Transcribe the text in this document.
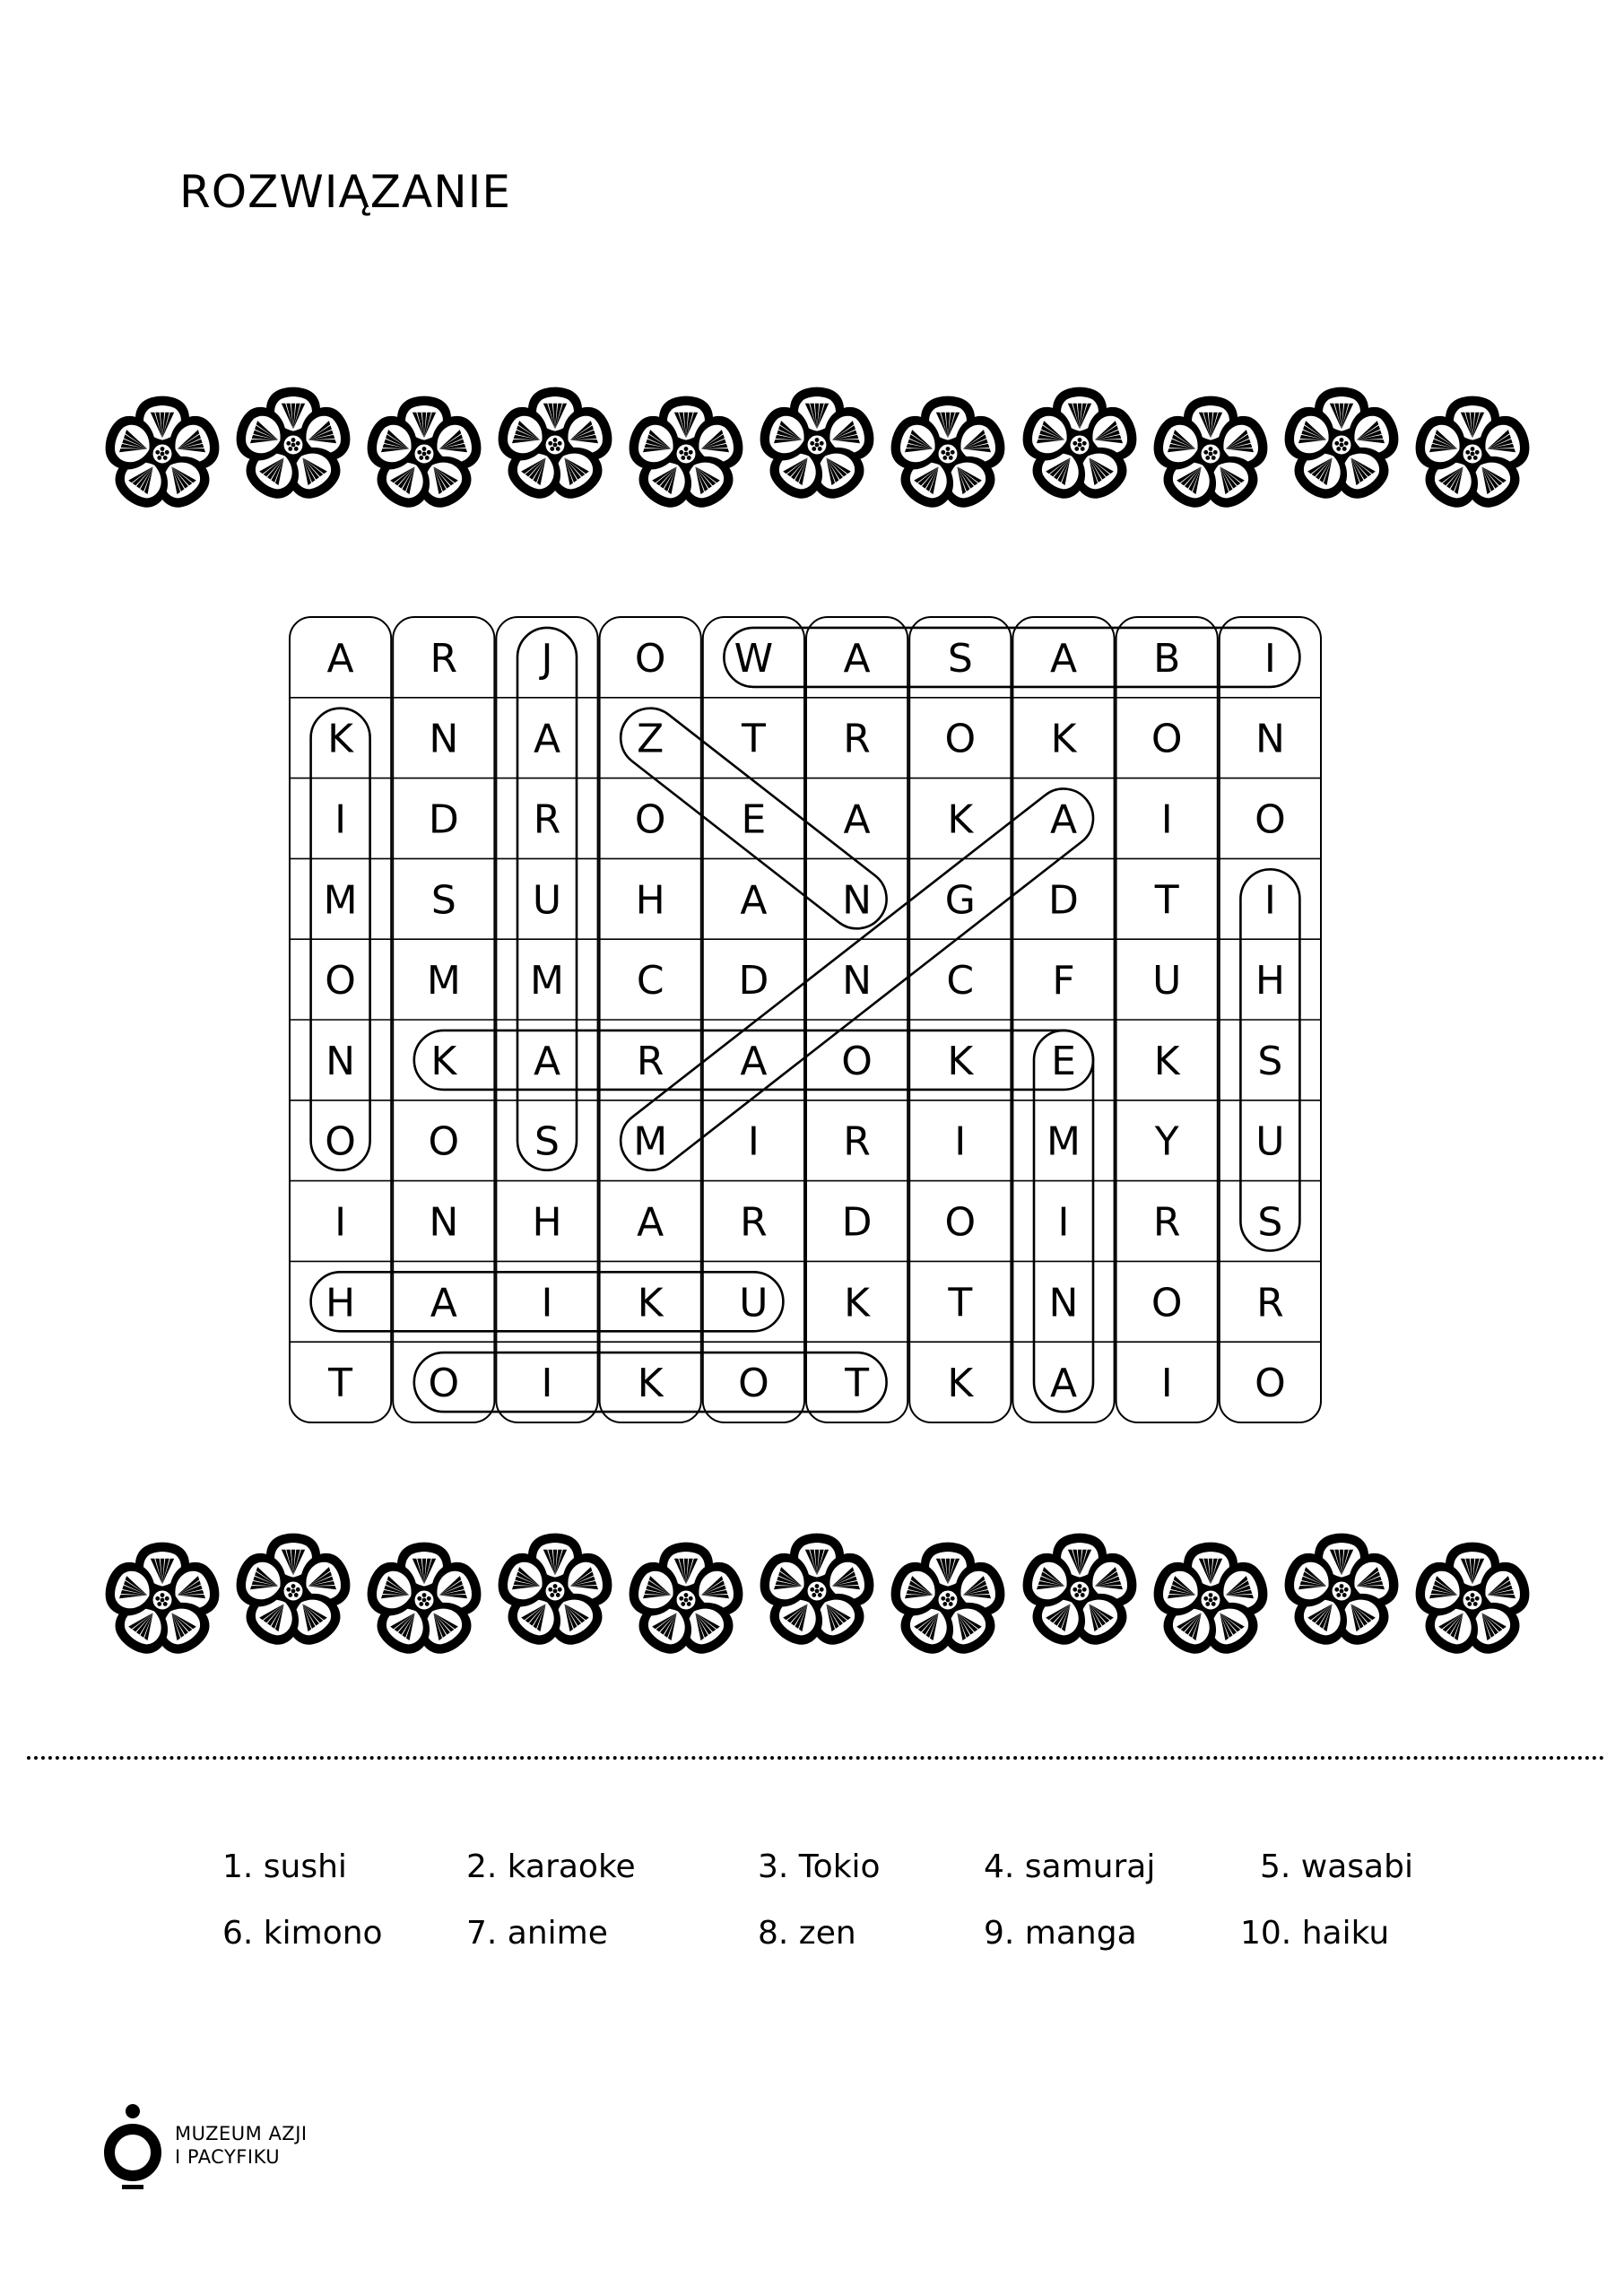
ROZWIĄZANIE
A R J O W A S A B I
K N A Z T R O K O N
I D R O E A K A I O
M S U H A N G D T I
O M M C D N C F U H
N K A R A O K E K S
O O S M I R I M Y U
I N H A R D O I R S
H A I K U K T N O R
T O I K O T K A I O
1. sushi	2. karaoke	3. Tokio	4. samuraj	5. wasabi
6. kimono	7. anime	8. zen	9. manga	10. haiku
MUZEUM AZJI
I PACYFIKU
